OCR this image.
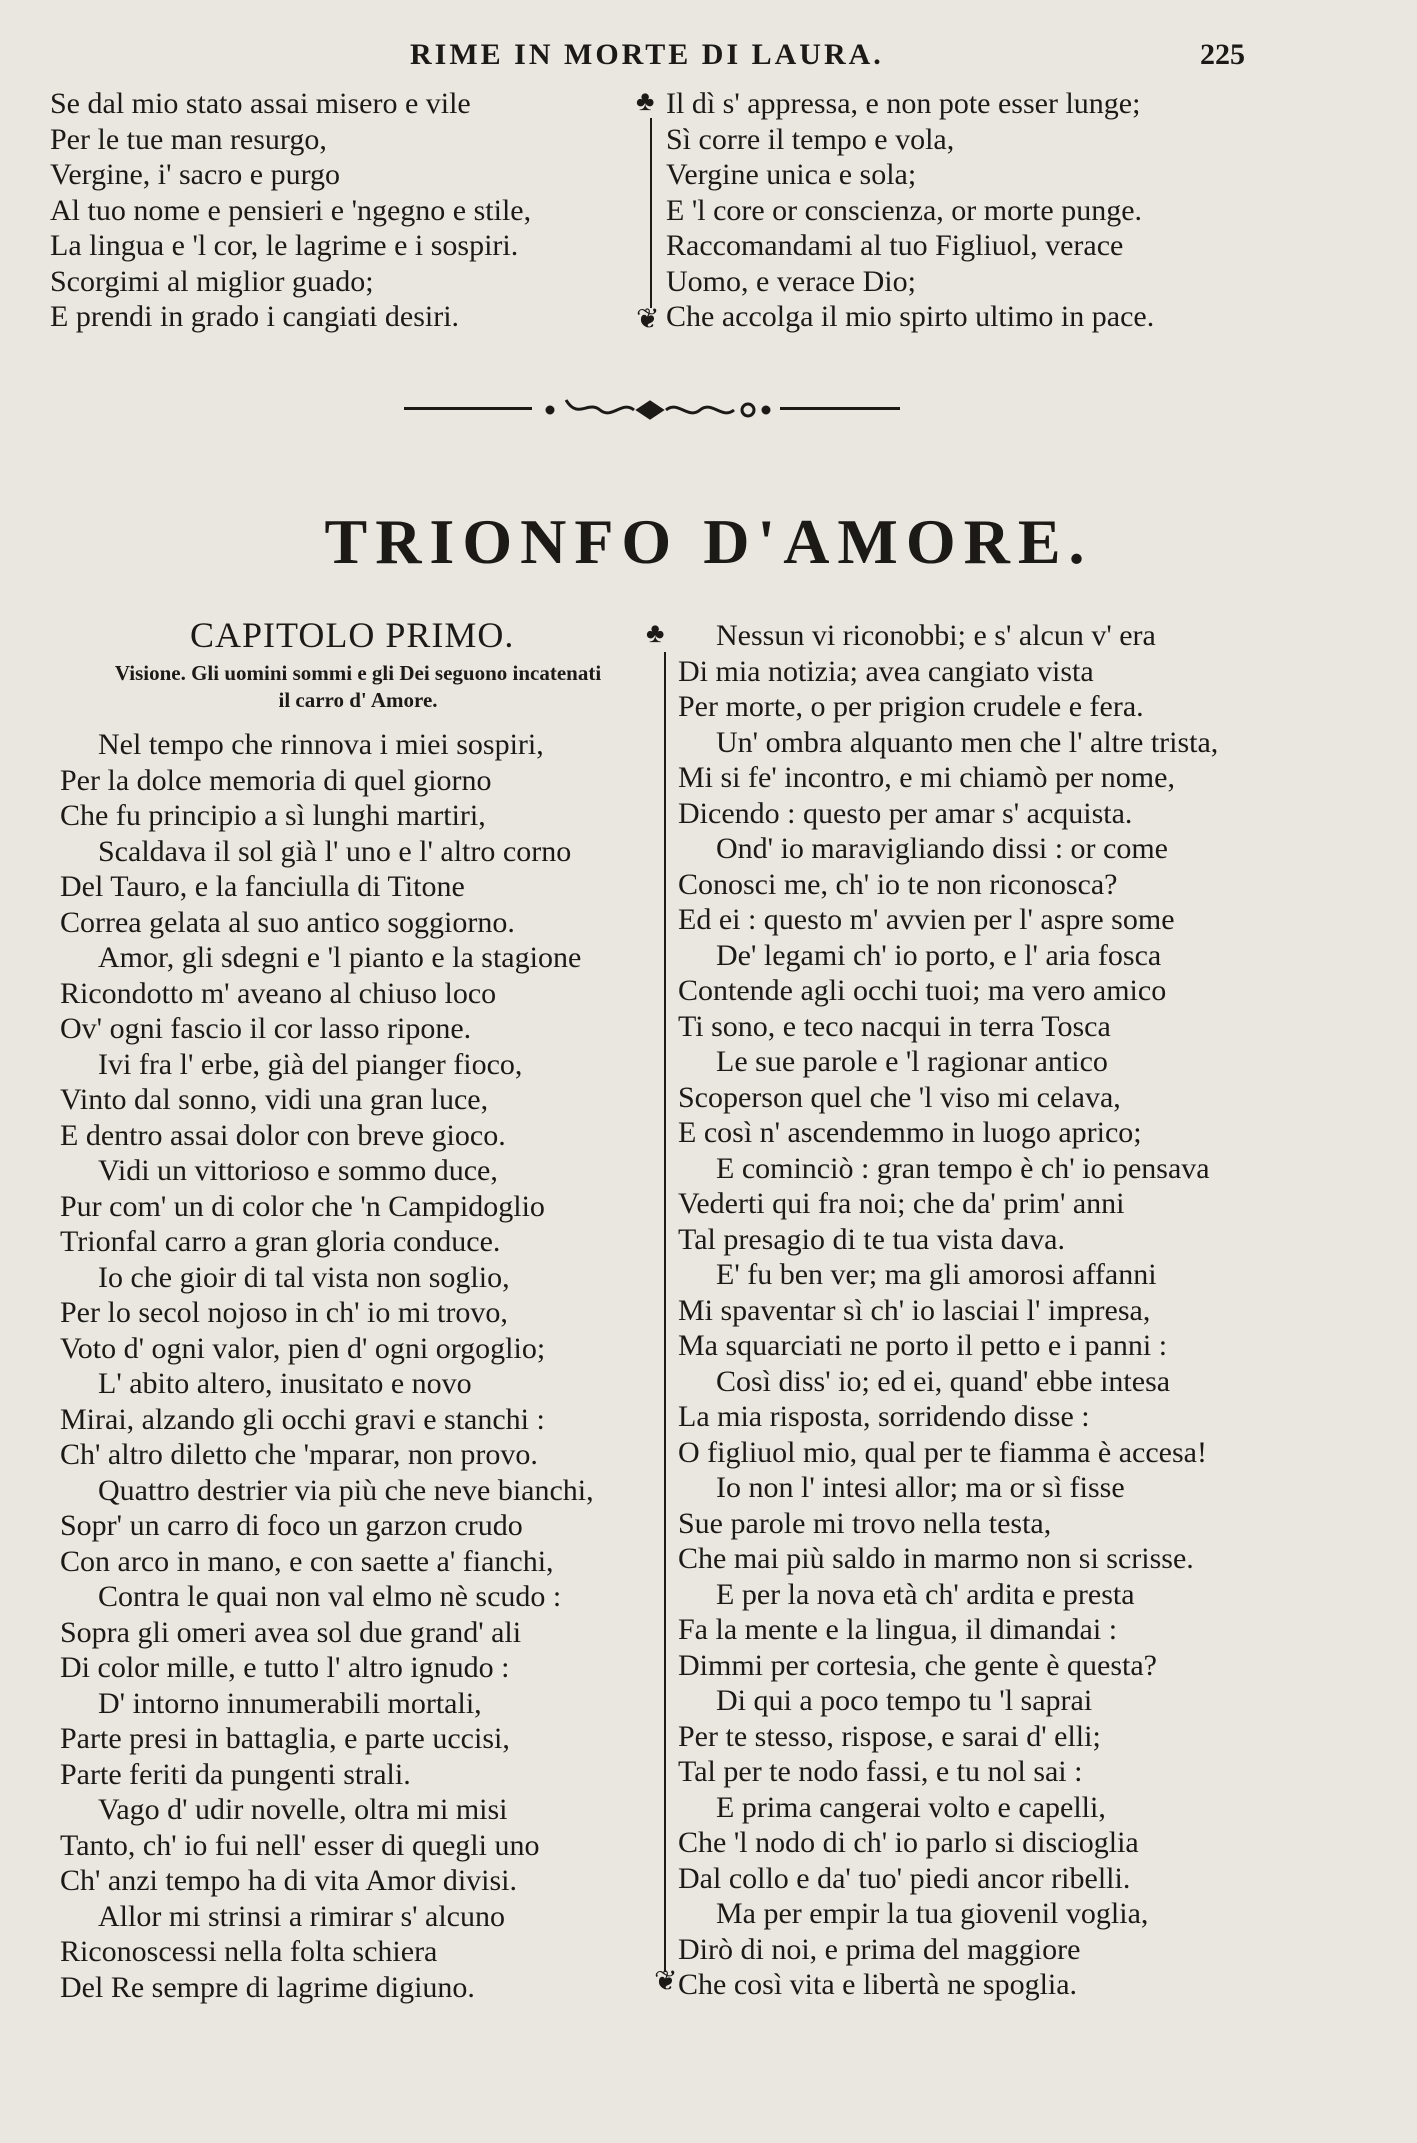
RIME IN MORTE DI LAURA.	225
Se dal mio stato assai misero e vile
Per le tue man resurgo,
Vergine, i' sacro e purgo
Al tuo nome e pensieri e 'ngegno e stile,
La lingua e 'l cor, le lagrime e i sospiri.
Scorgimi al miglior guado;
E prendi in grado i cangiati desiri.
♣
❦
Il dì s' appressa, e non pote esser lunge;
Sì corre il tempo e vola,
Vergine unica e sola;
E 'l core or conscienza, or morte punge.
Raccomandami al tuo Figliuol, verace
Uomo, e verace Dio;
Che accolga il mio spirto ultimo in pace.
TRIONFO D'AMORE.
CAPITOLO PRIMO.
Visione. Gli uomini sommi e gli Dei seguono incatenati
il carro d' Amore.
♣
❦
Nel tempo che rinnova i miei sospiri,
Per la dolce memoria di quel giorno
Che fu principio a sì lunghi martiri,
Scaldava il sol già l' uno e l' altro corno
Del Tauro, e la fanciulla di Titone
Correa gelata al suo antico soggiorno.
Amor, gli sdegni e 'l pianto e la stagione
Ricondotto m' aveano al chiuso loco
Ov' ogni fascio il cor lasso ripone.
Ivi fra l' erbe, già del pianger fioco,
Vinto dal sonno, vidi una gran luce,
E dentro assai dolor con breve gioco.
Vidi un vittorioso e sommo duce,
Pur com' un di color che 'n Campidoglio
Trionfal carro a gran gloria conduce.
Io che gioir di tal vista non soglio,
Per lo secol nojoso in ch' io mi trovo,
Voto d' ogni valor, pien d' ogni orgoglio;
L' abito altero, inusitato e novo
Mirai, alzando gli occhi gravi e stanchi :
Ch' altro diletto che 'mparar, non provo.
Quattro destrier via più che neve bianchi,
Sopr' un carro di foco un garzon crudo
Con arco in mano, e con saette a' fianchi,
Contra le quai non val elmo nè scudo :
Sopra gli omeri avea sol due grand' ali
Di color mille, e tutto l' altro ignudo :
D' intorno innumerabili mortali,
Parte presi in battaglia, e parte uccisi,
Parte feriti da pungenti strali.
Vago d' udir novelle, oltra mi misi
Tanto, ch' io fui nell' esser di quegli uno
Ch' anzi tempo ha di vita Amor divisi.
Allor mi strinsi a rimirar s' alcuno
Riconoscessi nella folta schiera
Del Re sempre di lagrime digiuno.
Nessun vi riconobbi; e s' alcun v' era
Di mia notizia; avea cangiato vista
Per morte, o per prigion crudele e fera.
Un' ombra alquanto men che l' altre trista,
Mi si fe' incontro, e mi chiamò per nome,
Dicendo : questo per amar s' acquista.
Ond' io maravigliando dissi : or come
Conosci me, ch' io te non riconosca?
Ed ei : questo m' avvien per l' aspre some
De' legami ch' io porto, e l' aria fosca
Contende agli occhi tuoi; ma vero amico
Ti sono, e teco nacqui in terra Tosca
Le sue parole e 'l ragionar antico
Scoperson quel che 'l viso mi celava,
E così n' ascendemmo in luogo aprico;
E cominciò : gran tempo è ch' io pensava
Vederti qui fra noi; che da' prim' anni
Tal presagio di te tua vista dava.
E' fu ben ver; ma gli amorosi affanni
Mi spaventar sì ch' io lasciai l' impresa,
Ma squarciati ne porto il petto e i panni :
Così diss' io; ed ei, quand' ebbe intesa
La mia risposta, sorridendo disse :
O figliuol mio, qual per te fiamma è accesa!
Io non l' intesi allor; ma or sì fisse
Sue parole mi trovo nella testa,
Che mai più saldo in marmo non si scrisse.
E per la nova età ch' ardita e presta
Fa la mente e la lingua, il dimandai :
Dimmi per cortesia, che gente è questa?
Di qui a poco tempo tu 'l saprai
Per te stesso, rispose, e sarai d' elli;
Tal per te nodo fassi, e tu nol sai :
E prima cangerai volto e capelli,
Che 'l nodo di ch' io parlo si discioglia
Dal collo e da' tuo' piedi ancor ribelli.
Ma per empir la tua giovenil voglia,
Dirò di noi, e prima del maggiore
Che così vita e libertà ne spoglia.
